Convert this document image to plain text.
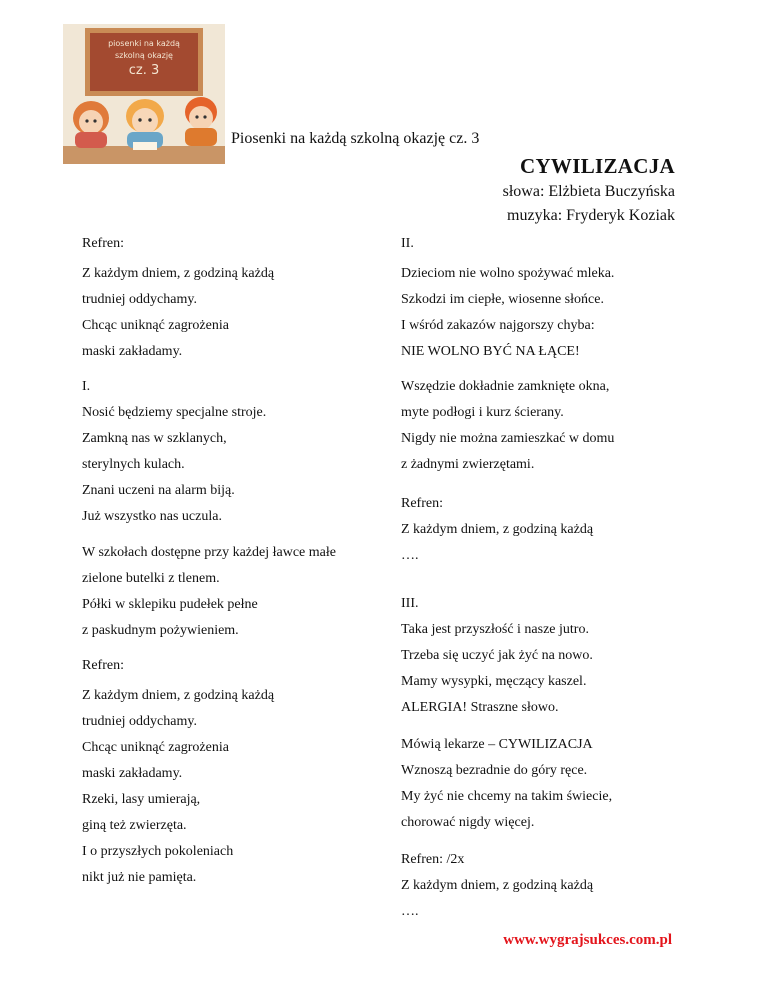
piosenki na każdą
szkolną okazję
cz. 3
Piosenki na każdą szkolną okazję cz. 3
CYWILIZACJA
słowa: Elżbieta Buczyńska
muzyka: Fryderyk Koziak
Refren:
Z każdym dniem, z godziną każdą
trudniej oddychamy.
Chcąc uniknąć zagrożenia
maski zakładamy.
I.
Nosić będziemy specjalne stroje.
Zamkną nas w szklanych,
sterylnych kulach.
Znani uczeni na alarm biją.
Już wszystko nas uczula.
W szkołach dostępne przy każdej ławce małe
zielone butelki z tlenem.
Półki w sklepiku pudełek pełne
z paskudnym pożywieniem.
Refren:
Z każdym dniem, z godziną każdą
trudniej oddychamy.
Chcąc uniknąć zagrożenia
maski zakładamy.
Rzeki, lasy umierają,
giną też zwierzęta.
I o przyszłych pokoleniach
nikt już nie pamięta.
II.
Dzieciom nie wolno spożywać mleka.
Szkodzi im ciepłe, wiosenne słońce.
I wśród zakazów najgorszy chyba:
NIE WOLNO BYĆ NA ŁĄCE!
Wszędzie dokładnie zamknięte okna,
myte podłogi i kurz ścierany.
Nigdy nie można zamieszkać w domu
z żadnymi zwierzętami.
Refren:
Z każdym dniem, z godziną każdą
….
III.
Taka jest przyszłość i nasze jutro.
Trzeba się uczyć jak żyć na nowo.
Mamy wysypki, męczący kaszel.
ALERGIA! Straszne słowo.
Mówią lekarze – CYWILIZACJA
Wznoszą bezradnie do góry ręce.
My żyć nie chcemy na takim świecie,
chorować nigdy więcej.
Refren: /2x
Z każdym dniem, z godziną każdą
….
www.wygrajsukces.com.pl
